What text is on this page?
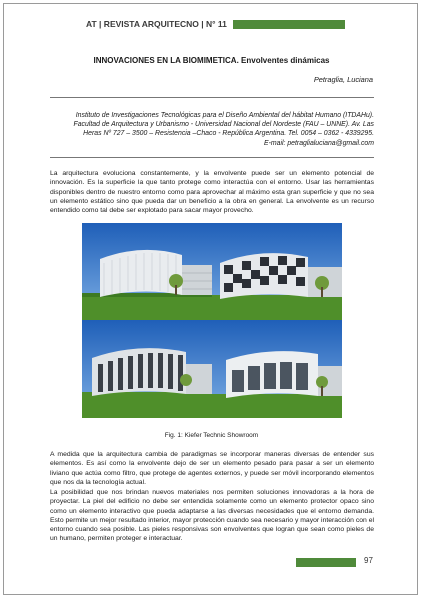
AT | REVISTA ARQUITECNO | N° 11
INNOVACIONES EN LA BIOMIMETICA. Envolventes dinámicas
Petraglia, Luciana
Instituto de Investigaciones Tecnológicas para el Diseño Ambiental del hábitat Humano (ITDAHu).
Facultad de Arquitectura y Urbanismo - Universidad Nacional del Nordeste (FAU – UNNE). Av. Las
Heras Nº 727 – 3500 – Resistencia –Chaco - República Argentina. Tel. 0054 – 0362 - 4339295.
E-mail: petraglialuciana@gmail.com
La arquitectura evoluciona constantemente, y la envolvente puede ser un elemento potencial de innovación. Es la superficie la que tanto protege como interactúa con el entorno. Usar las herramientas disponibles dentro de nuestro entorno como para aprovechar al máximo esta gran superficie y que no sea un elemento estático sino que pueda dar un beneficio a la obra en general. La envolvente es un recurso entendido como tal debe ser explotado para sacar mayor provecho.
Fig. 1: Kiefer Technic Showroom
A medida que la arquitectura cambia de paradigmas se incorporar maneras diversas de entender sus elementos. Es así como la envolvente dejo de ser un elemento pesado para pasar a ser un elemento liviano que actúa como filtro, que protege de agentes externos, y puede ser móvil incorporando elementos que nos da la tecnología actual.
La posibilidad que nos brindan nuevos materiales nos permiten soluciones innovadoras a la hora de proyectar. La piel del edificio no debe ser entendida solamente como un elemento protector opaco sino como un elemento interactivo que pueda adaptarse a las diversas necesidades que el entorno demanda. Esto permite un mejor resultado interior, mayor protección cuando sea necesario y mayor interacción con el entorno cuando sea posible. Las pieles responsivas son envolventes que logran que sean como pieles de un humano, permiten proteger e interactuar.
97
